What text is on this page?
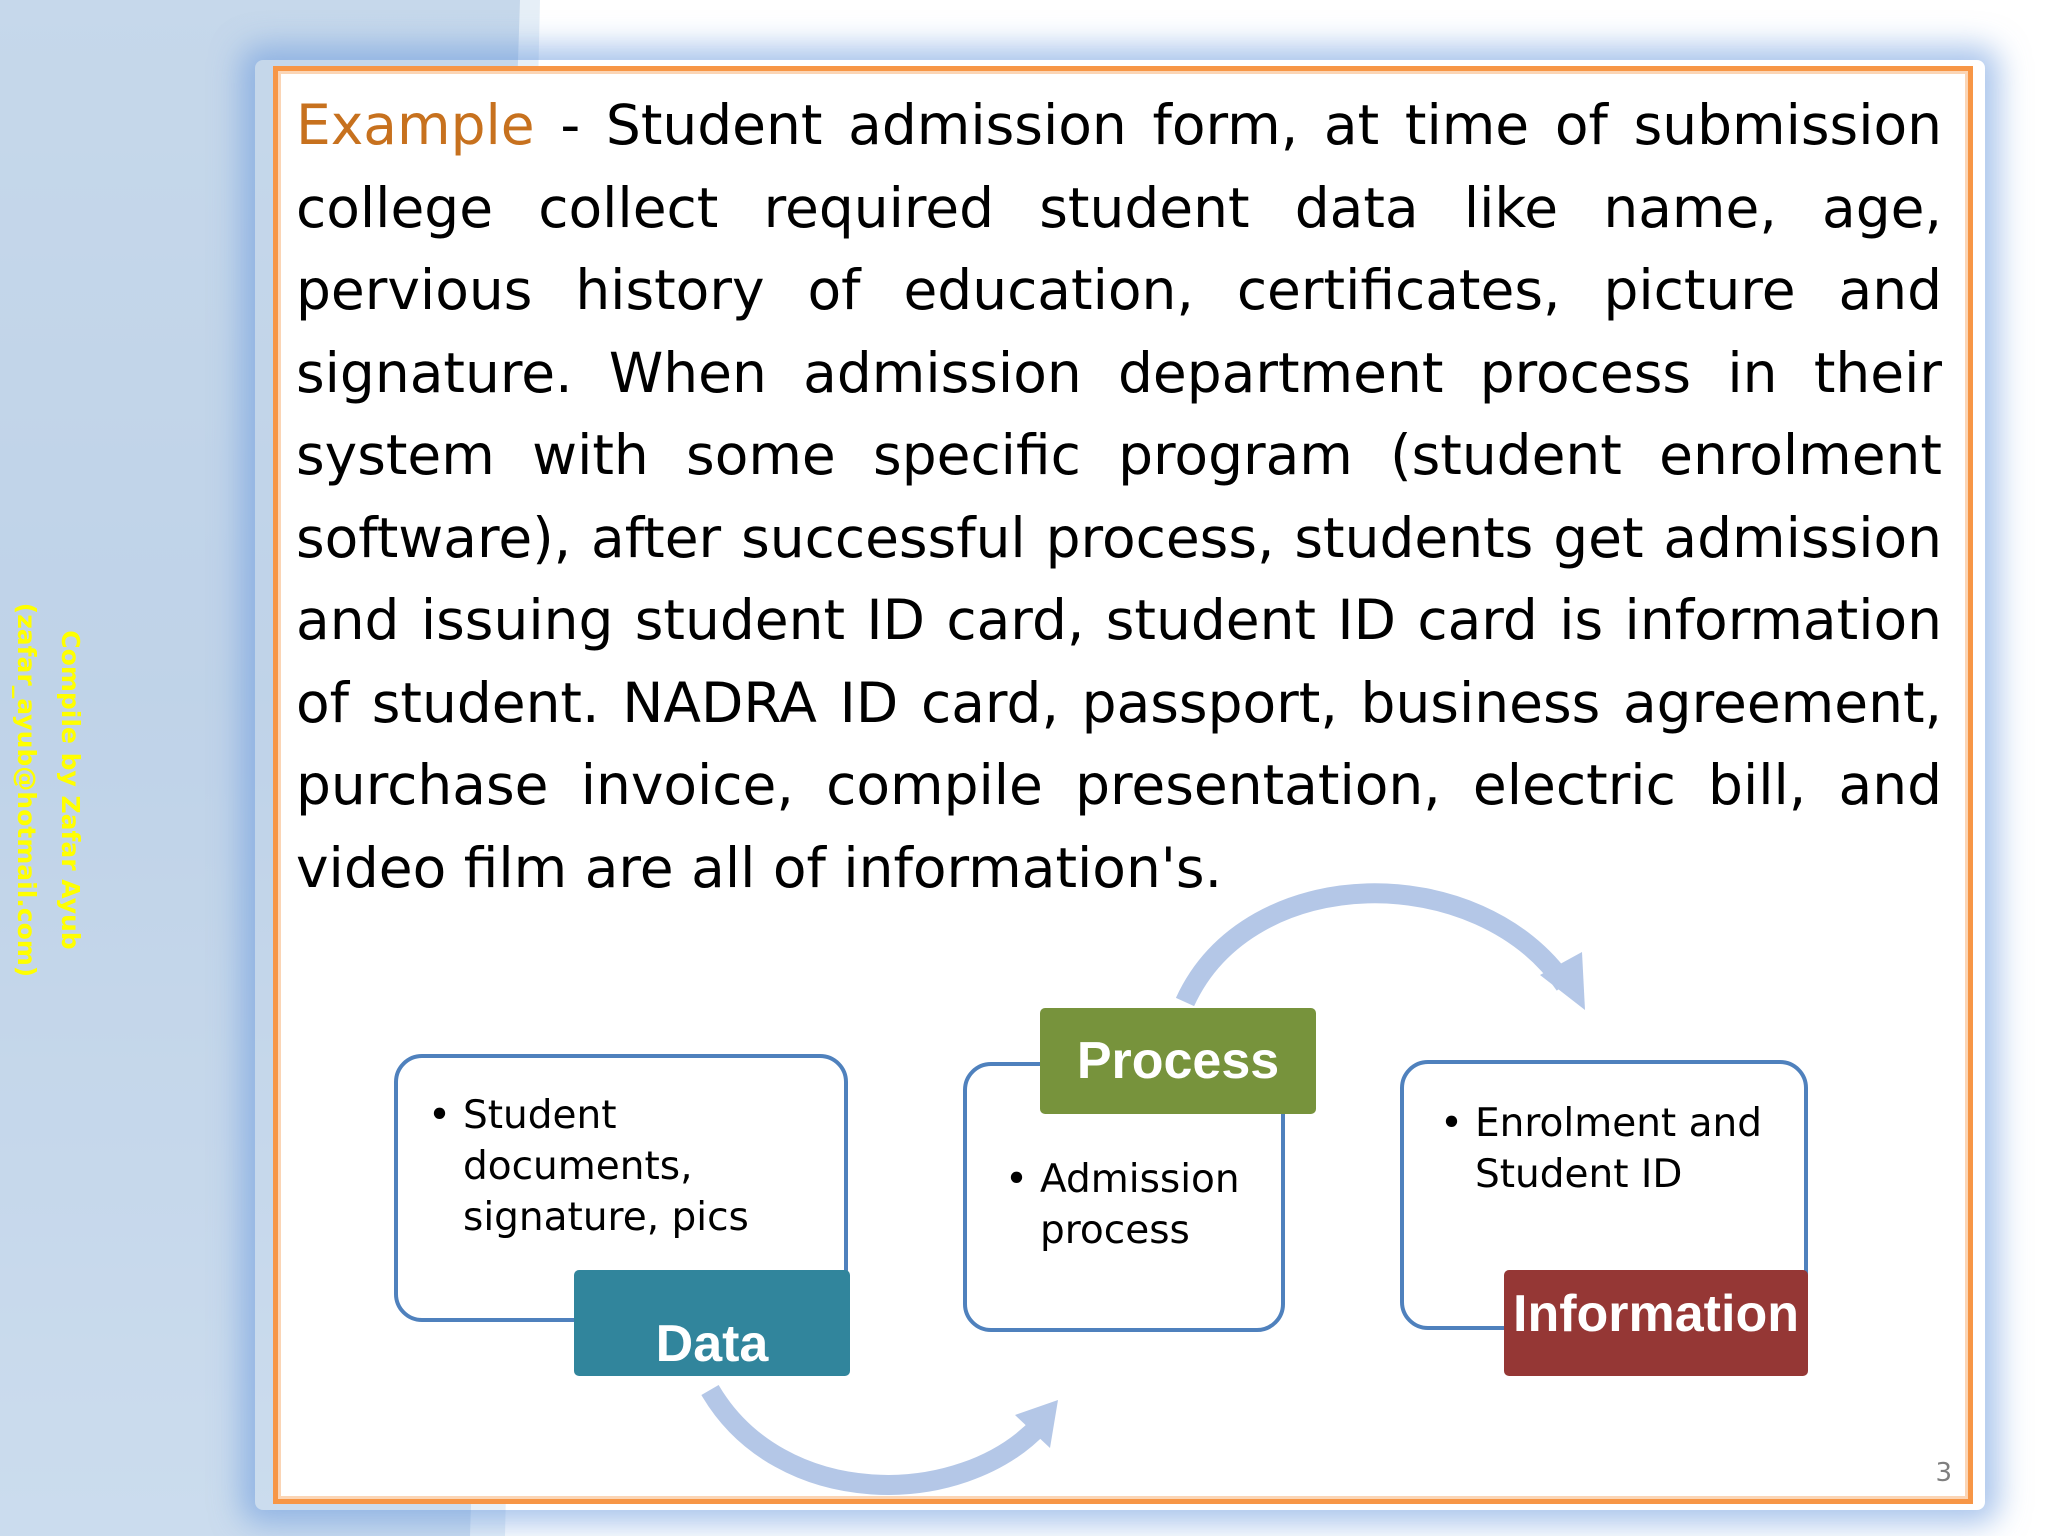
Compile by Zafar Ayub
(zafar_ayub@hotmail.com)
Example - Student admission form, at time of submission college collect required student data like name, age, pervious history of education, certificates, picture and signature. When admission department process in their system with some specific program (student enrolment software), after successful process, students get admission and issuing student ID card, student ID card is information of student. NADRA ID card, passport, business agreement, purchase invoice, compile presentation, electric bill, and video film are all of information's.
• Student documents, signature, pics
Data
• Admission process
Process
• Enrolment and Student ID
Information
3
